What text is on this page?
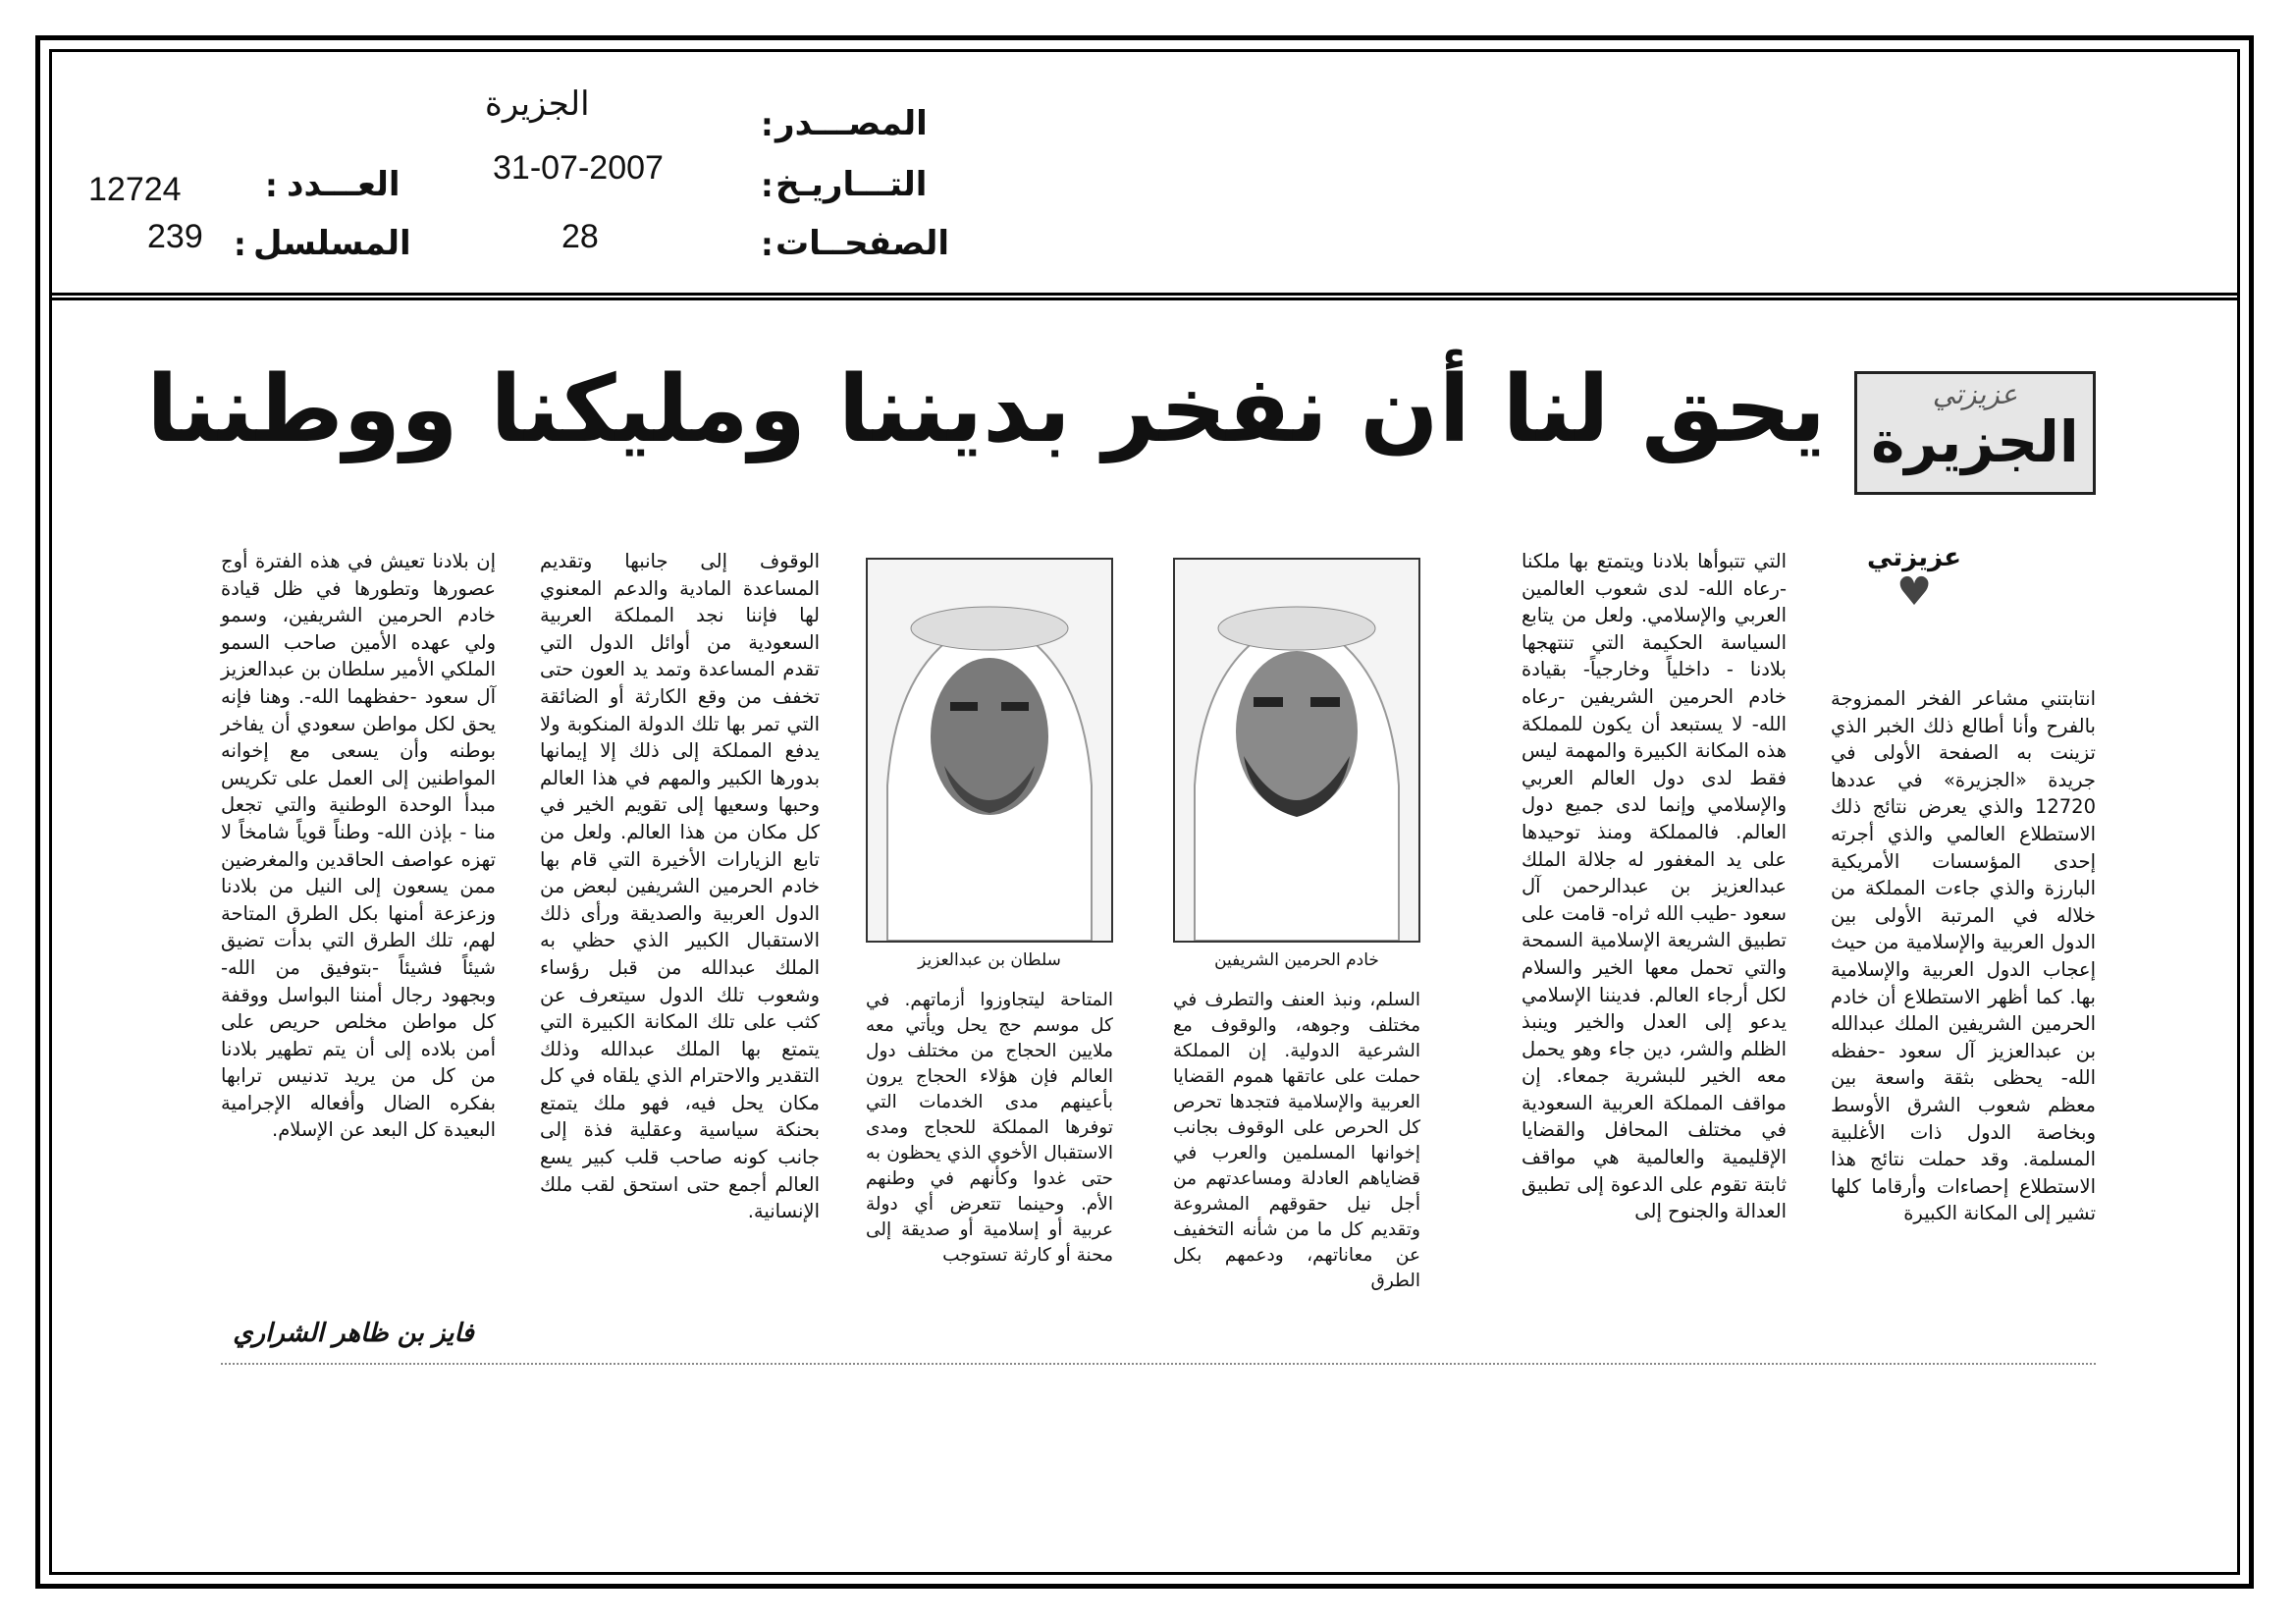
المصـــدر
:
الجزيرة
التـــاريـخ
:
31-07-2007
الصفحــات
:
28
العـــدد
:
12724
المسلسل
:
239
عزيزتي
الجزيرة
يحق لنا أن نفخر بديننا ومليكنا ووطننا
عزيزتي
♥

انتابتني مشاعر الفخر الممزوجة بالفرح وأنا أطالع ذلك الخبر الذي تزينت به الصفحة الأولى في جريدة «الجزيرة» في عددها 12720 والذي يعرض نتائج ذلك الاستطلاع العالمي والذي أجرته إحدى المؤسسات الأمريكية البارزة والذي جاءت المملكة من خلاله في المرتبة الأولى بين الدول العربية والإسلامية من حيث إعجاب الدول العربية والإسلامية بها. كما أظهر الاستطلاع أن خادم الحرمين الشريفين الملك عبدالله بن عبدالعزيز آل سعود -حفظه الله- يحظى بثقة واسعة بين معظم شعوب الشرق الأوسط وبخاصة الدول ذات الأغلبية المسلمة. وقد حملت نتائج هذا الاستطلاع إحصاءات وأرقاما كلها تشير إلى المكانة الكبيرة

التي تتبوأها بلادنا ويتمتع بها ملكنا -رعاه الله- لدى شعوب العالمين العربي والإسلامي. ولعل من يتابع السياسة الحكيمة التي تنتهجها بلادنا - داخلياً وخارجياً- بقيادة خادم الحرمين الشريفين -رعاه الله- لا يستبعد أن يكون للمملكة هذه المكانة الكبيرة والمهمة ليس فقط لدى دول العالم العربي والإسلامي وإنما لدى جميع دول العالم. فالمملكة ومنذ توحيدها على يد المغفور له جلالة الملك عبدالعزيز بن عبدالرحمن آل سعود -طيب الله ثراه- قامت على تطبيق الشريعة الإسلامية السمحة والتي تحمل معها الخير والسلام لكل أرجاء العالم. فديننا الإسلامي يدعو إلى العدل والخير وينبذ الظلم والشر، دين جاء وهو يحمل معه الخير للبشرية جمعاء. إن مواقف المملكة العربية السعودية في مختلف المحافل والقضايا الإقليمية والعالمية هي مواقف ثابتة تقوم على الدعوة إلى تطبيق العدالة والجنوح إلى

خادم الحرمين الشريفين
سلطان بن عبدالعزيز

السلم، ونبذ العنف والتطرف في مختلف وجوهه، والوقوف مع الشرعية الدولية. إن المملكة حملت على عاتقها هموم القضايا العربية والإسلامية فتجدها تحرص كل الحرص على الوقوف بجانب إخوانها المسلمين والعرب في قضاياهم العادلة ومساعدتهم من أجل نيل حقوقهم المشروعة وتقديم كل ما من شأنه التخفيف عن معاناتهم، ودعمهم بكل الطرق

المتاحة ليتجاوزوا أزماتهم. في كل موسم حج يحل ويأتي معه ملايين الحجاج من مختلف دول العالم فإن هؤلاء الحجاج يرون بأعينهم مدى الخدمات التي توفرها المملكة للحجاج ومدى الاستقبال الأخوي الذي يحظون به حتى غدوا وكأنهم في وطنهم الأم. وحينما تتعرض أي دولة عربية أو إسلامية أو صديقة إلى محنة أو كارثة تستوجب

الوقوف إلى جانبها وتقديم المساعدة المادية والدعم المعنوي لها فإننا نجد المملكة العربية السعودية من أوائل الدول التي تقدم المساعدة وتمد يد العون حتى تخفف من وقع الكارثة أو الضائقة التي تمر بها تلك الدولة المنكوبة ولا يدفع المملكة إلى ذلك إلا إيمانها بدورها الكبير والمهم في هذا العالم وحبها وسعيها إلى تقويم الخير في كل مكان من هذا العالم. ولعل من تابع الزيارات الأخيرة التي قام بها خادم الحرمين الشريفين لبعض من الدول العربية والصديقة ورأى ذلك الاستقبال الكبير الذي حظي به الملك عبدالله من قبل رؤساء وشعوب تلك الدول سيتعرف عن كثب على تلك المكانة الكبيرة التي يتمتع بها الملك عبدالله وذلك التقدير والاحترام الذي يلقاه في كل مكان يحل فيه، فهو ملك يتمتع بحنكة سياسية وعقلية فذة إلى جانب كونه صاحب قلب كبير يسع العالم أجمع حتى استحق لقب ملك الإنسانية.

إن بلادنا تعيش في هذه الفترة أوج عصورها وتطورها في ظل قيادة خادم الحرمين الشريفين، وسمو ولي عهده الأمين صاحب السمو الملكي الأمير سلطان بن عبدالعزيز آل سعود -حفظهما الله-. وهنا فإنه يحق لكل مواطن سعودي أن يفاخر بوطنه وأن يسعى مع إخوانه المواطنين إلى العمل على تكريس مبدأ الوحدة الوطنية والتي تجعل منا - بإذن الله- وطناً قوياً شامخاً لا تهزه عواصف الحاقدين والمغرضين ممن يسعون إلى النيل من بلادنا وزعزعة أمنها بكل الطرق المتاحة لهم، تلك الطرق التي بدأت تضيق شيئاً فشيئاً -بتوفيق من الله- وبجهود رجال أمننا البواسل ووقفة كل مواطن مخلص حريص على أمن بلاده إلى أن يتم تطهير بلادنا من كل من يريد تدنيس ترابها بفكره الضال وأفعاله الإجرامية البعيدة كل البعد عن الإسلام.

فايز بن ظاهر الشراري
